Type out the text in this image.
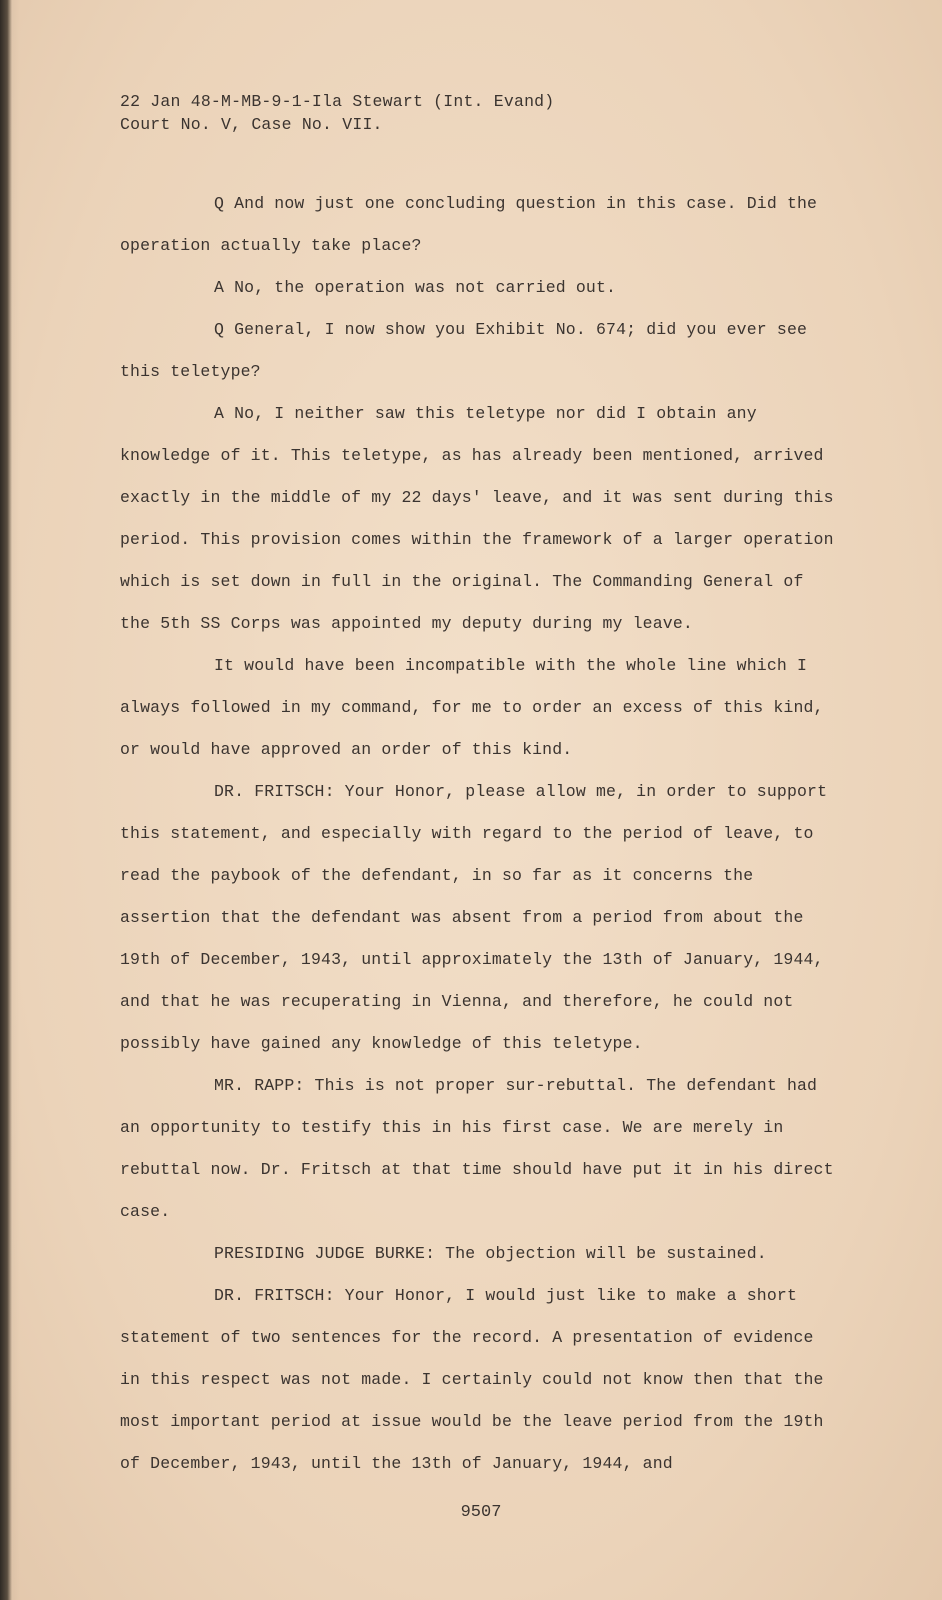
22 Jan 48-M-MB-9-1-Ila Stewart (Int. Evand)
Court No. V, Case No. VII.

Q And now just one concluding question in this case. Did the operation actually take place?

A No, the operation was not carried out.

Q General, I now show you Exhibit No. 674; did you ever see this teletype?

A No, I neither saw this teletype nor did I obtain any knowledge of it. This teletype, as has already been mentioned, arrived exactly in the middle of my 22 days' leave, and it was sent during this period. This provision comes within the framework of a larger operation which is set down in full in the original. The Commanding General of the 5th SS Corps was appointed my deputy during my leave.

It would have been incompatible with the whole line which I always followed in my command, for me to order an excess of this kind, or would have approved an order of this kind.

DR. FRITSCH: Your Honor, please allow me, in order to support this statement, and especially with regard to the period of leave, to read the paybook of the defendant, in so far as it concerns the assertion that the defendant was absent from a period from about the 19th of December, 1943, until approximately the 13th of January, 1944, and that he was recuperating in Vienna, and therefore, he could not possibly have gained any knowledge of this teletype.

MR. RAPP: This is not proper sur-rebuttal. The defendant had an opportunity to testify this in his first case. We are merely in rebuttal now. Dr. Fritsch at that time should have put it in his direct case.

PRESIDING JUDGE BURKE: The objection will be sustained.

DR. FRITSCH: Your Honor, I would just like to make a short statement of two sentences for the record. A presentation of evidence in this respect was not made. I certainly could not know then that the most important period at issue would be the leave period from the 19th of December, 1943, until the 13th of January, 1944, and

9507
